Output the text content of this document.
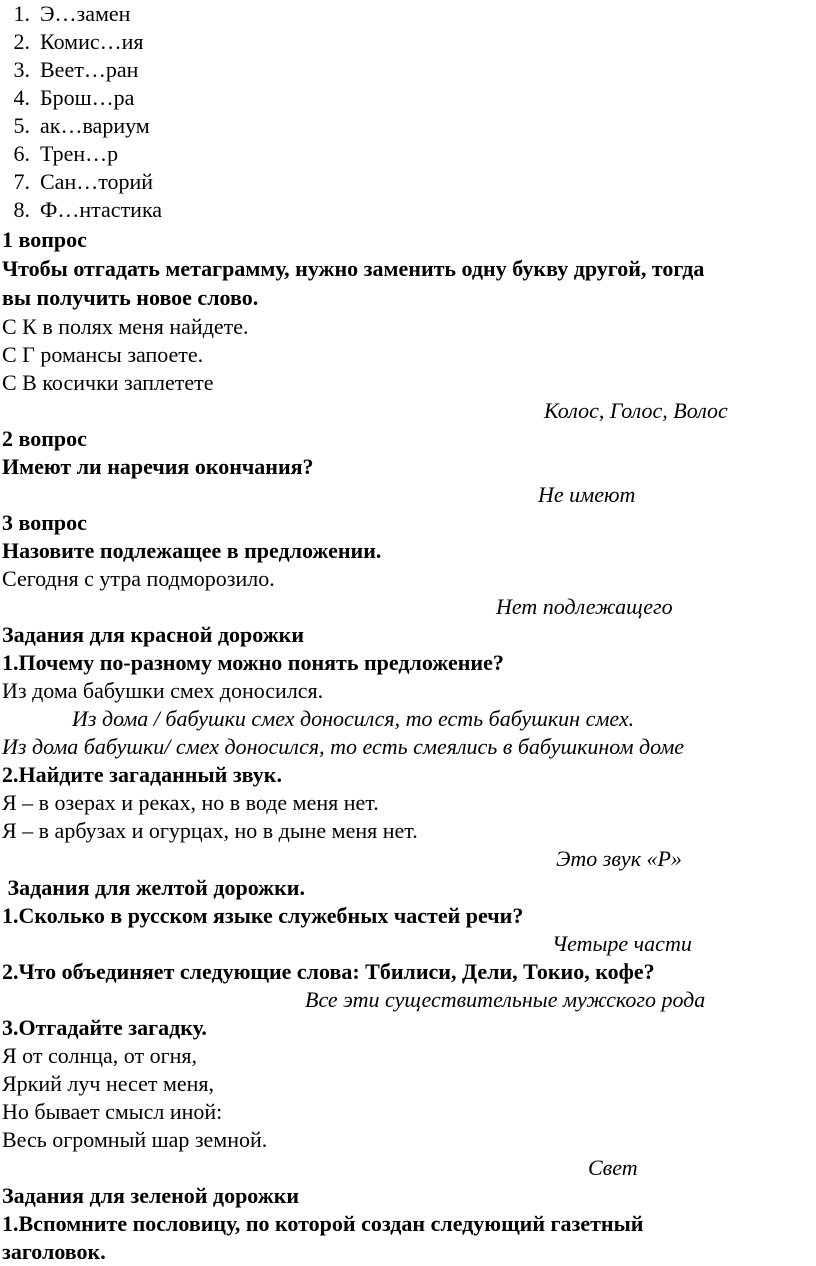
1. Э…замен
2. Комис…ия
3. Веет…ран
4. Брош…ра
5. ак…вариум
6. Трен…р
7. Сан…торий
8. Ф…нтастика
1 вопрос
Чтобы отгадать метаграмму, нужно заменить одну букву другой, тогда
вы получить новое слово.
С К в полях меня найдете.
С Г романсы запоете.
С В косички заплетете
Колос, Голос, Волос
2 вопрос
Имеют ли наречия окончания?
Не имеют
3 вопрос
Назовите подлежащее в предложении.
Сегодня с утра подморозило.
Нет подлежащего
Задания для красной дорожки
1.Почему по-разному можно понять предложение?
Из дома бабушки смех доносился.
Из дома / бабушки смех доносился, то есть бабушкин смех.
Из дома бабушки/ смех доносился, то есть смеялись в бабушкином доме
2.Найдите загаданный звук.
Я – в озерах и реках, но в воде меня нет.
Я – в арбузах и огурцах, но в дыне меня нет.
Это звук «Р»
Задания для желтой дорожки.
1.Сколько в русском языке служебных частей речи?
Четыре части
2.Что объединяет следующие слова: Тбилиси, Дели, Токио, кофе?
Все эти существительные мужского рода
3.Отгадайте загадку.
Я от солнца, от огня,
Яркий луч несет меня,
Но бывает смысл иной:
Весь огромный шар земной.
Свет
Задания для зеленой дорожки
1.Вспомните пословицу, по которой создан следующий газетный
заголовок.
